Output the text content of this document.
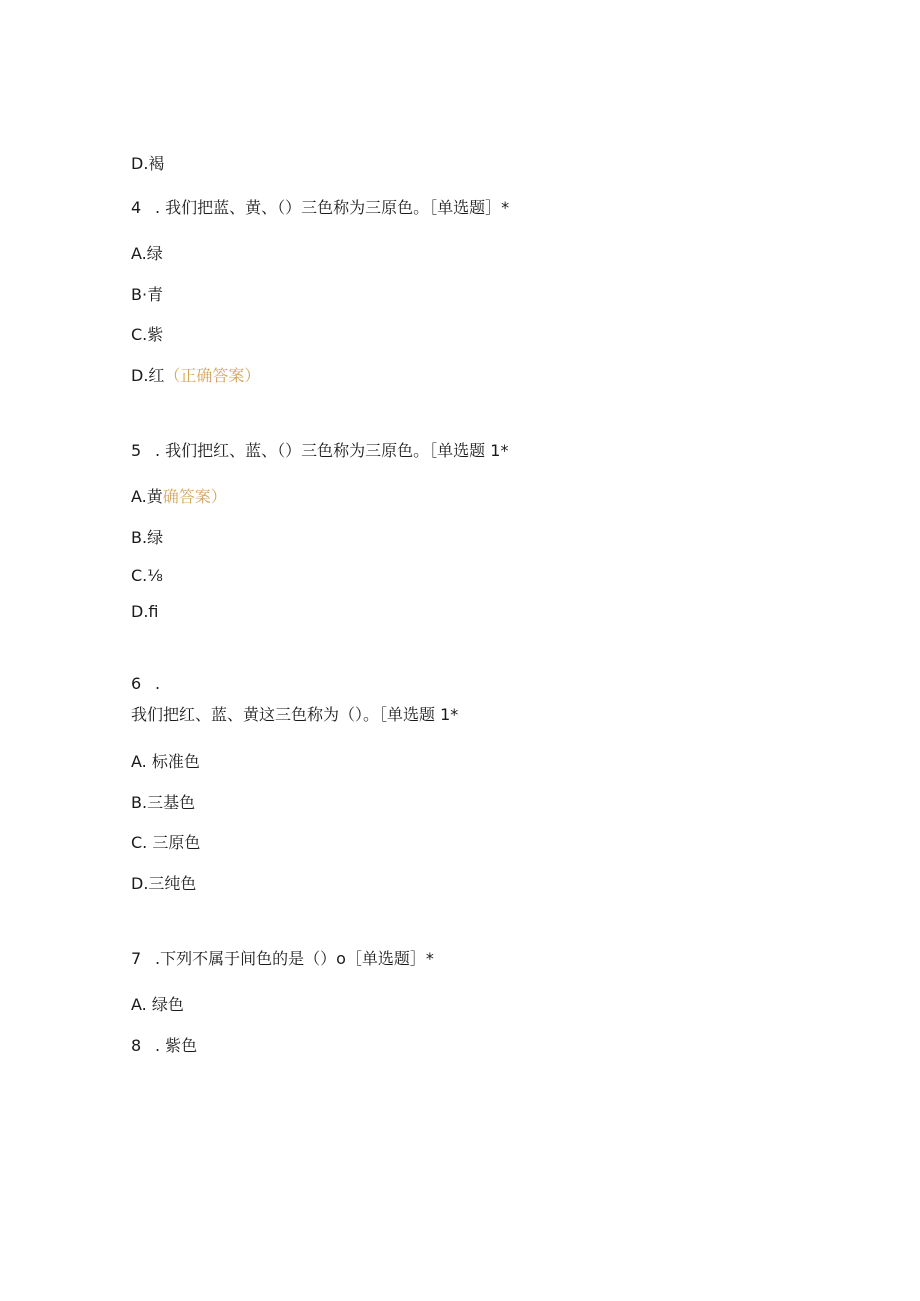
D.褐
4 . 我们把蓝、黄、（）三色称为三原色。［单选题］*
A.绿
B·青
C.紫
D.红（正确答案）
5 . 我们把红、蓝、（）三色称为三原色。［单选题 1*
A.黄确答案）
B.绿
C.⅛
D.fi
6 .
我们把红、蓝、黄这三色称为（）。［单选题 1*
A. 标准色
B.三基色
C. 三原色
D.三纯色
7 .下列不属于间色的是（）o［单选题］*
A. 绿色
8 . 紫色
